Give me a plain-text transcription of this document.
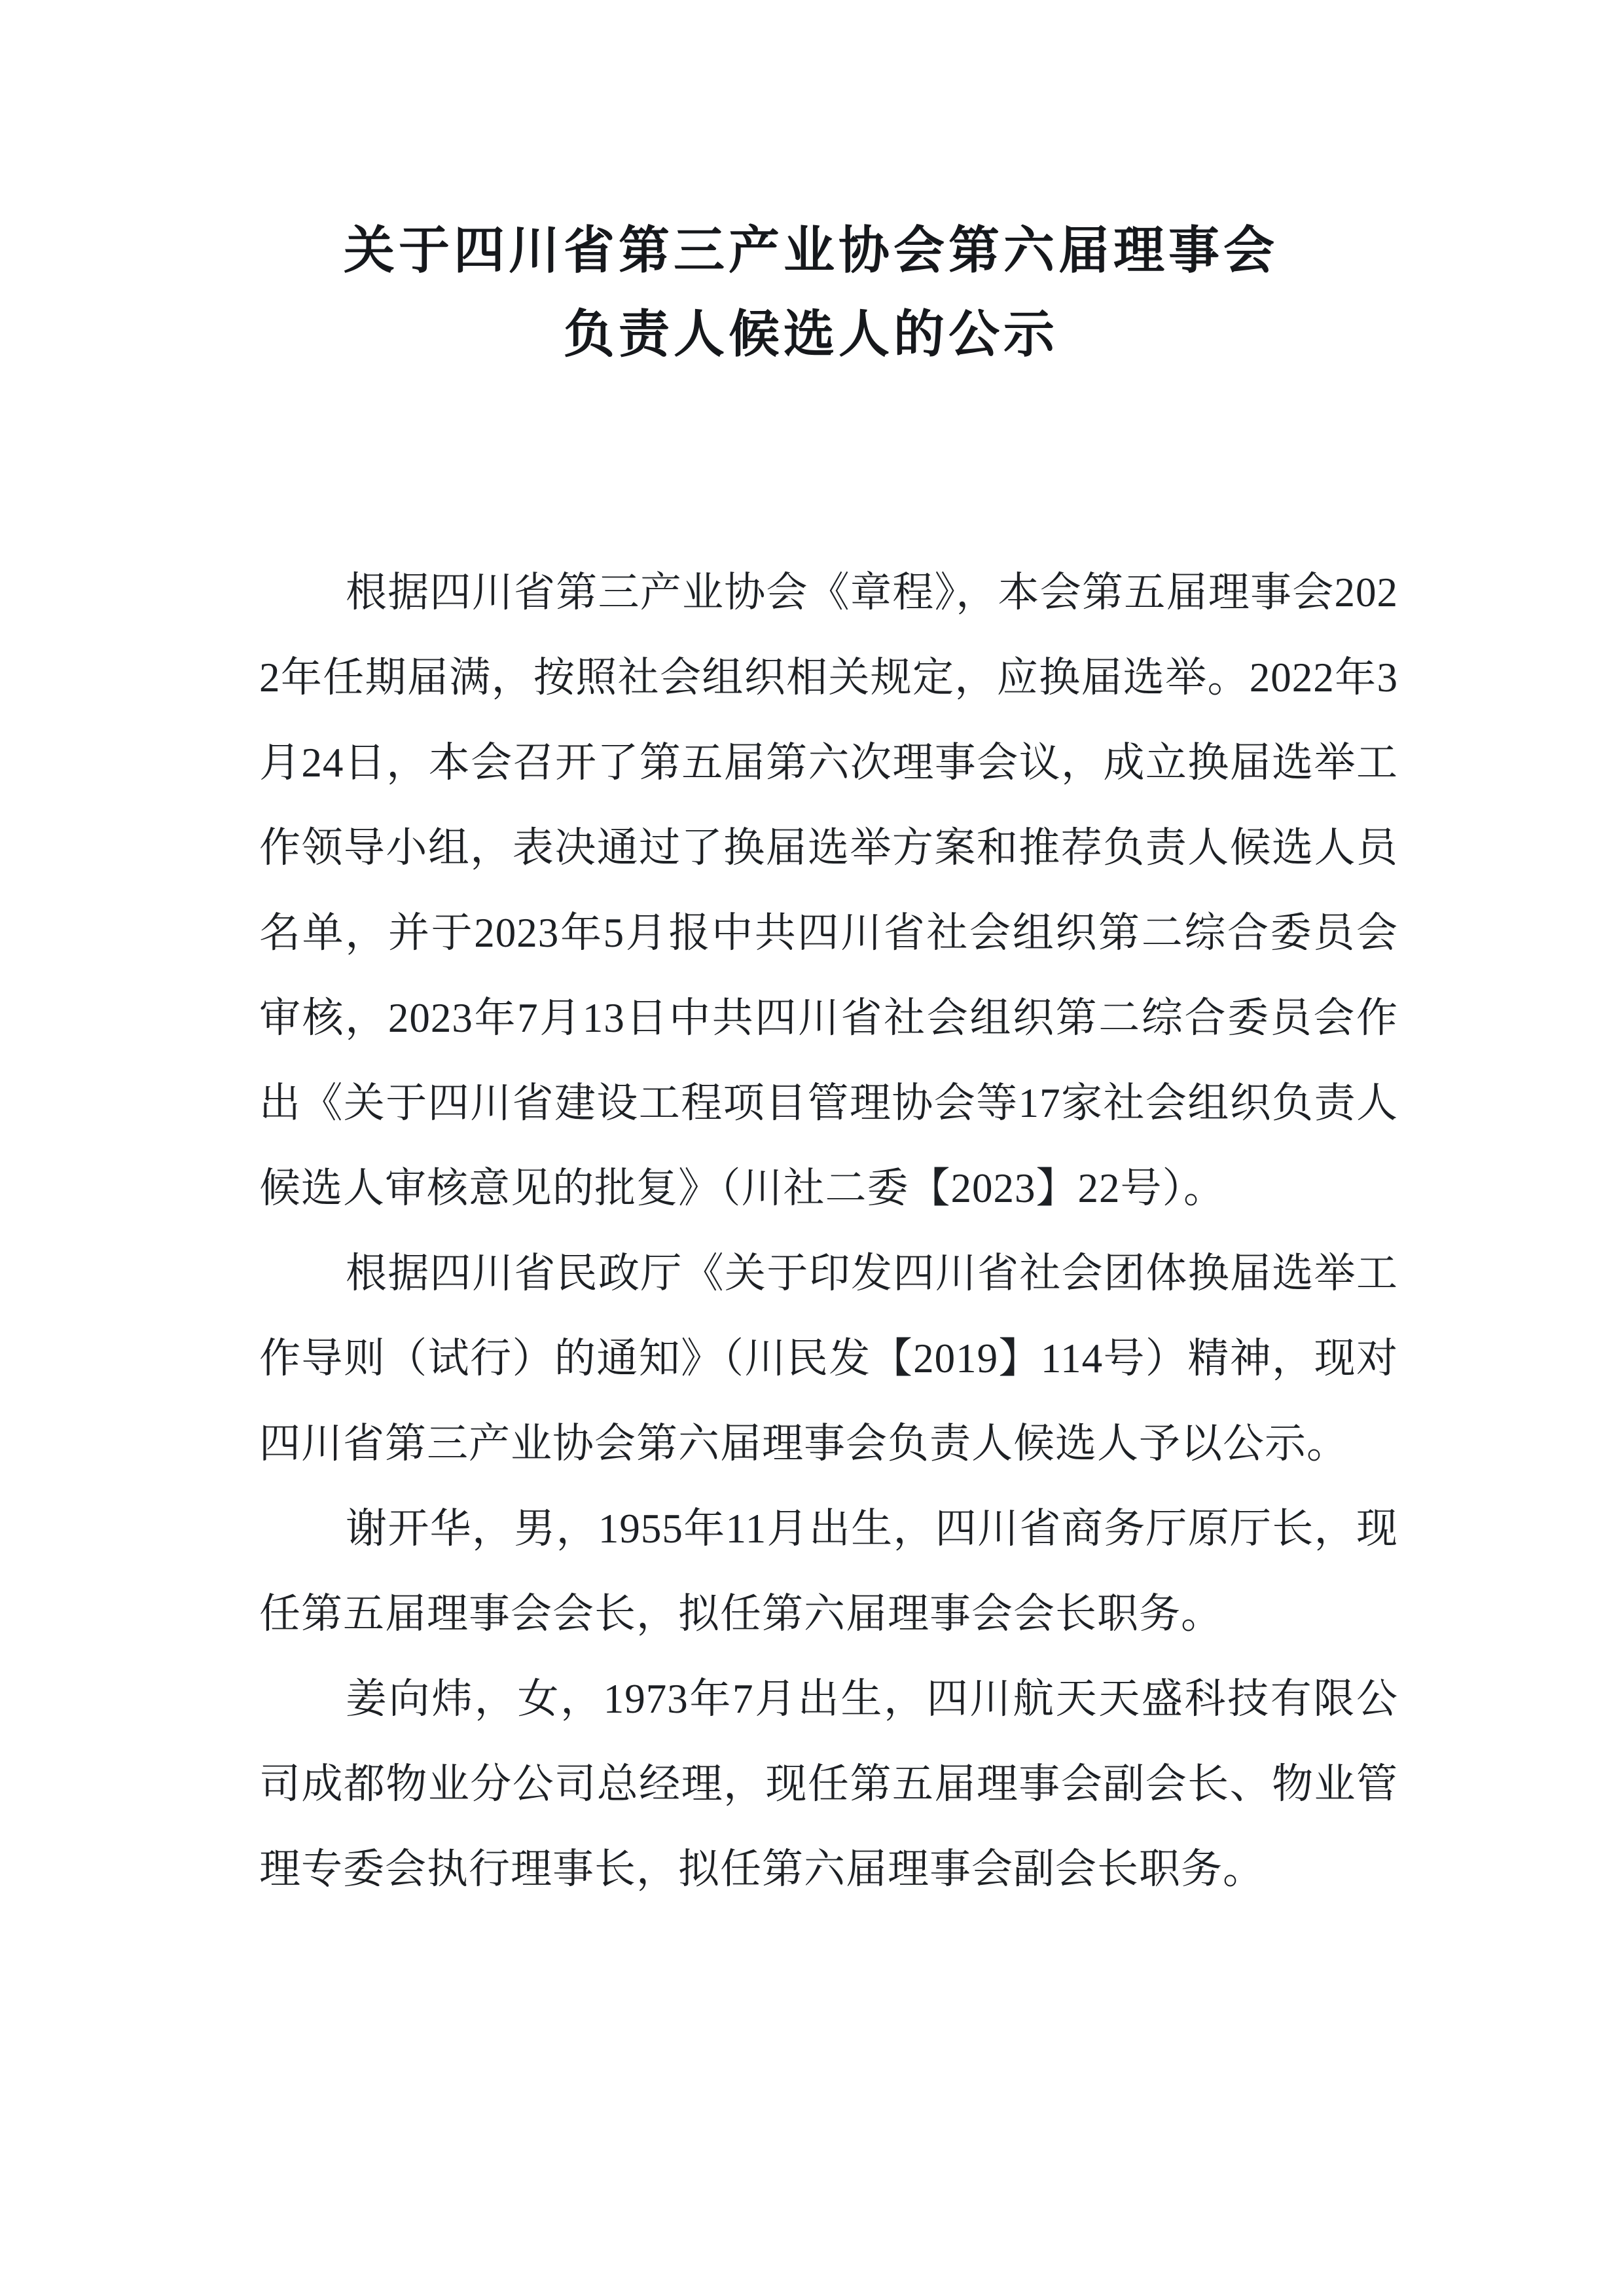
关于四川省第三产业协会第六届理事会
负责人候选人的公示

根据四川省第三产业协会《章程》，本会第五届理事会2022年任期届满，按照社会组织相关规定，应换届选举。2022年3月24日，本会召开了第五届第六次理事会议，成立换届选举工作领导小组，表决通过了换届选举方案和推荐负责人候选人员名单，并于2023年5月报中共四川省社会组织第二综合委员会审核，2023年7月13日中共四川省社会组织第二综合委员会作出《关于四川省建设工程项目管理协会等17家社会组织负责人候选人审核意见的批复》（川社二委【2023】22号）。

根据四川省民政厅《关于印发四川省社会团体换届选举工作导则（试行）的通知》（川民发【2019】114号）精神，现对四川省第三产业协会第六届理事会负责人候选人予以公示。

谢开华，男，1955年11月出生，四川省商务厅原厅长，现任第五届理事会会长，拟任第六届理事会会长职务。

姜向炜，女，1973年7月出生，四川航天天盛科技有限公司成都物业分公司总经理，现任第五届理事会副会长、物业管理专委会执行理事长，拟任第六届理事会副会长职务。
